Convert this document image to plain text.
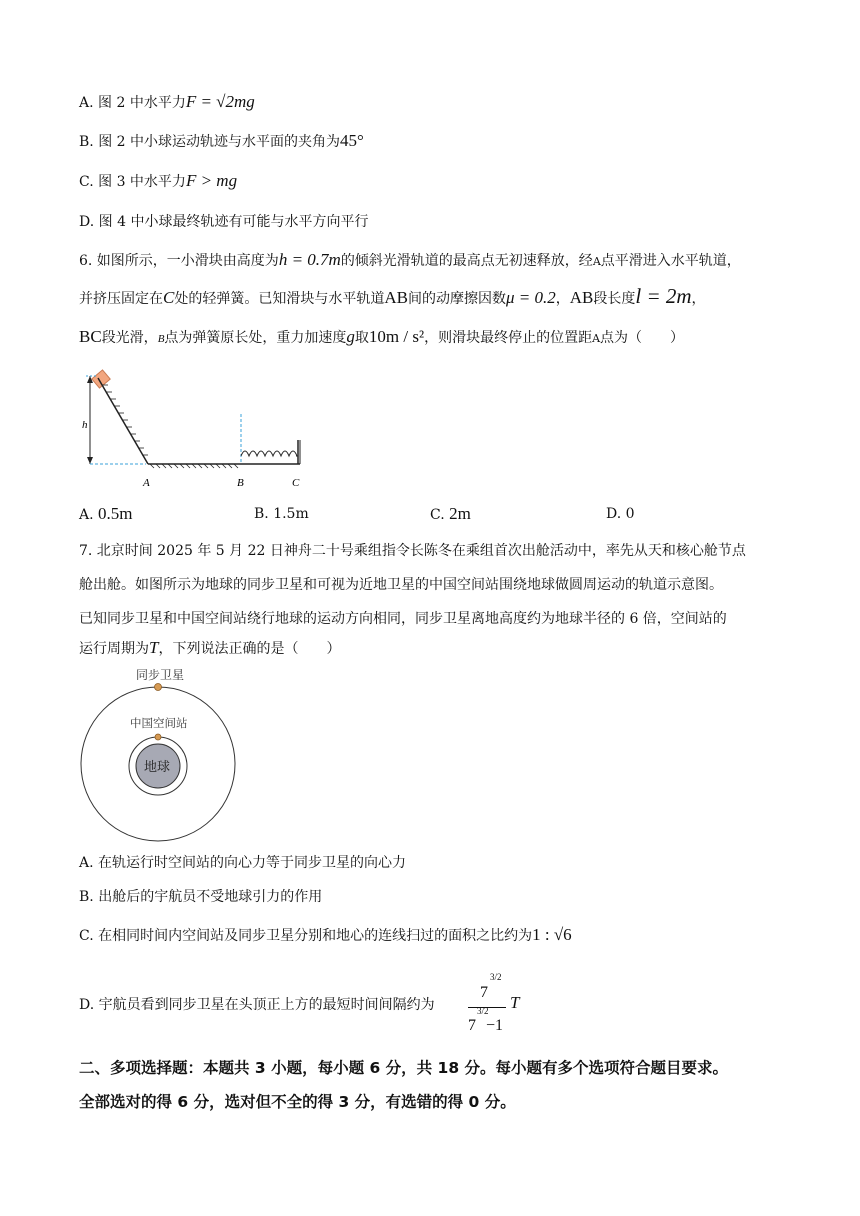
A. 图 2 中水平力F = √2mg
B. 图 2 中小球运动轨迹与水平面的夹角为45°
C. 图 3 中水平力F > mg
D. 图 4 中小球最终轨迹有可能与水平方向平行
6. 如图所示，一小滑块由高度为h = 0.7m的倾斜光滑轨道的最高点无初速释放，经A点平滑进入水平轨道，
并挤压固定在C处的轻弹簧。已知滑块与水平轨道AB间的动摩擦因数μ = 0.2，AB段长度l = 2m，
BC段光滑，B点为弹簧原长处，重力加速度g取10m / s²，则滑块最终停止的位置距A点为（　　）
h
A	B	C
A. 0.5m	B. 1.5m	C. 2m	D. 0
7. 北京时间 2025 年 5 月 22 日神舟二十号乘组指令长陈冬在乘组首次出舱活动中，率先从天和核心舱节点
舱出舱。如图所示为地球的同步卫星和可视为近地卫星的中国空间站围绕地球做圆周运动的轨道示意图。
已知同步卫星和中国空间站绕行地球的运动方向相同，同步卫星离地高度约为地球半径的 6 倍，空间站的
运行周期为T，下列说法正确的是（　　）
同步卫星
中国空间站
地球
A. 在轨运行时空间站的向心力等于同步卫星的向心力
B. 出舱后的宇航员不受地球引力的作用
C. 在相同时间内空间站及同步卫星分别和地心的连线扫过的面积之比约为1 : √6
D. 宇航员看到同步卫星在头顶正上方的最短时间间隔约为
7
3/2
7
3/2
−1
T
二、多项选择题：本题共 3 小题，每小题 6 分，共 18 分。每小题有多个选项符合题目要求。
全部选对的得 6 分，选对但不全的得 3 分，有选错的得 0 分。
